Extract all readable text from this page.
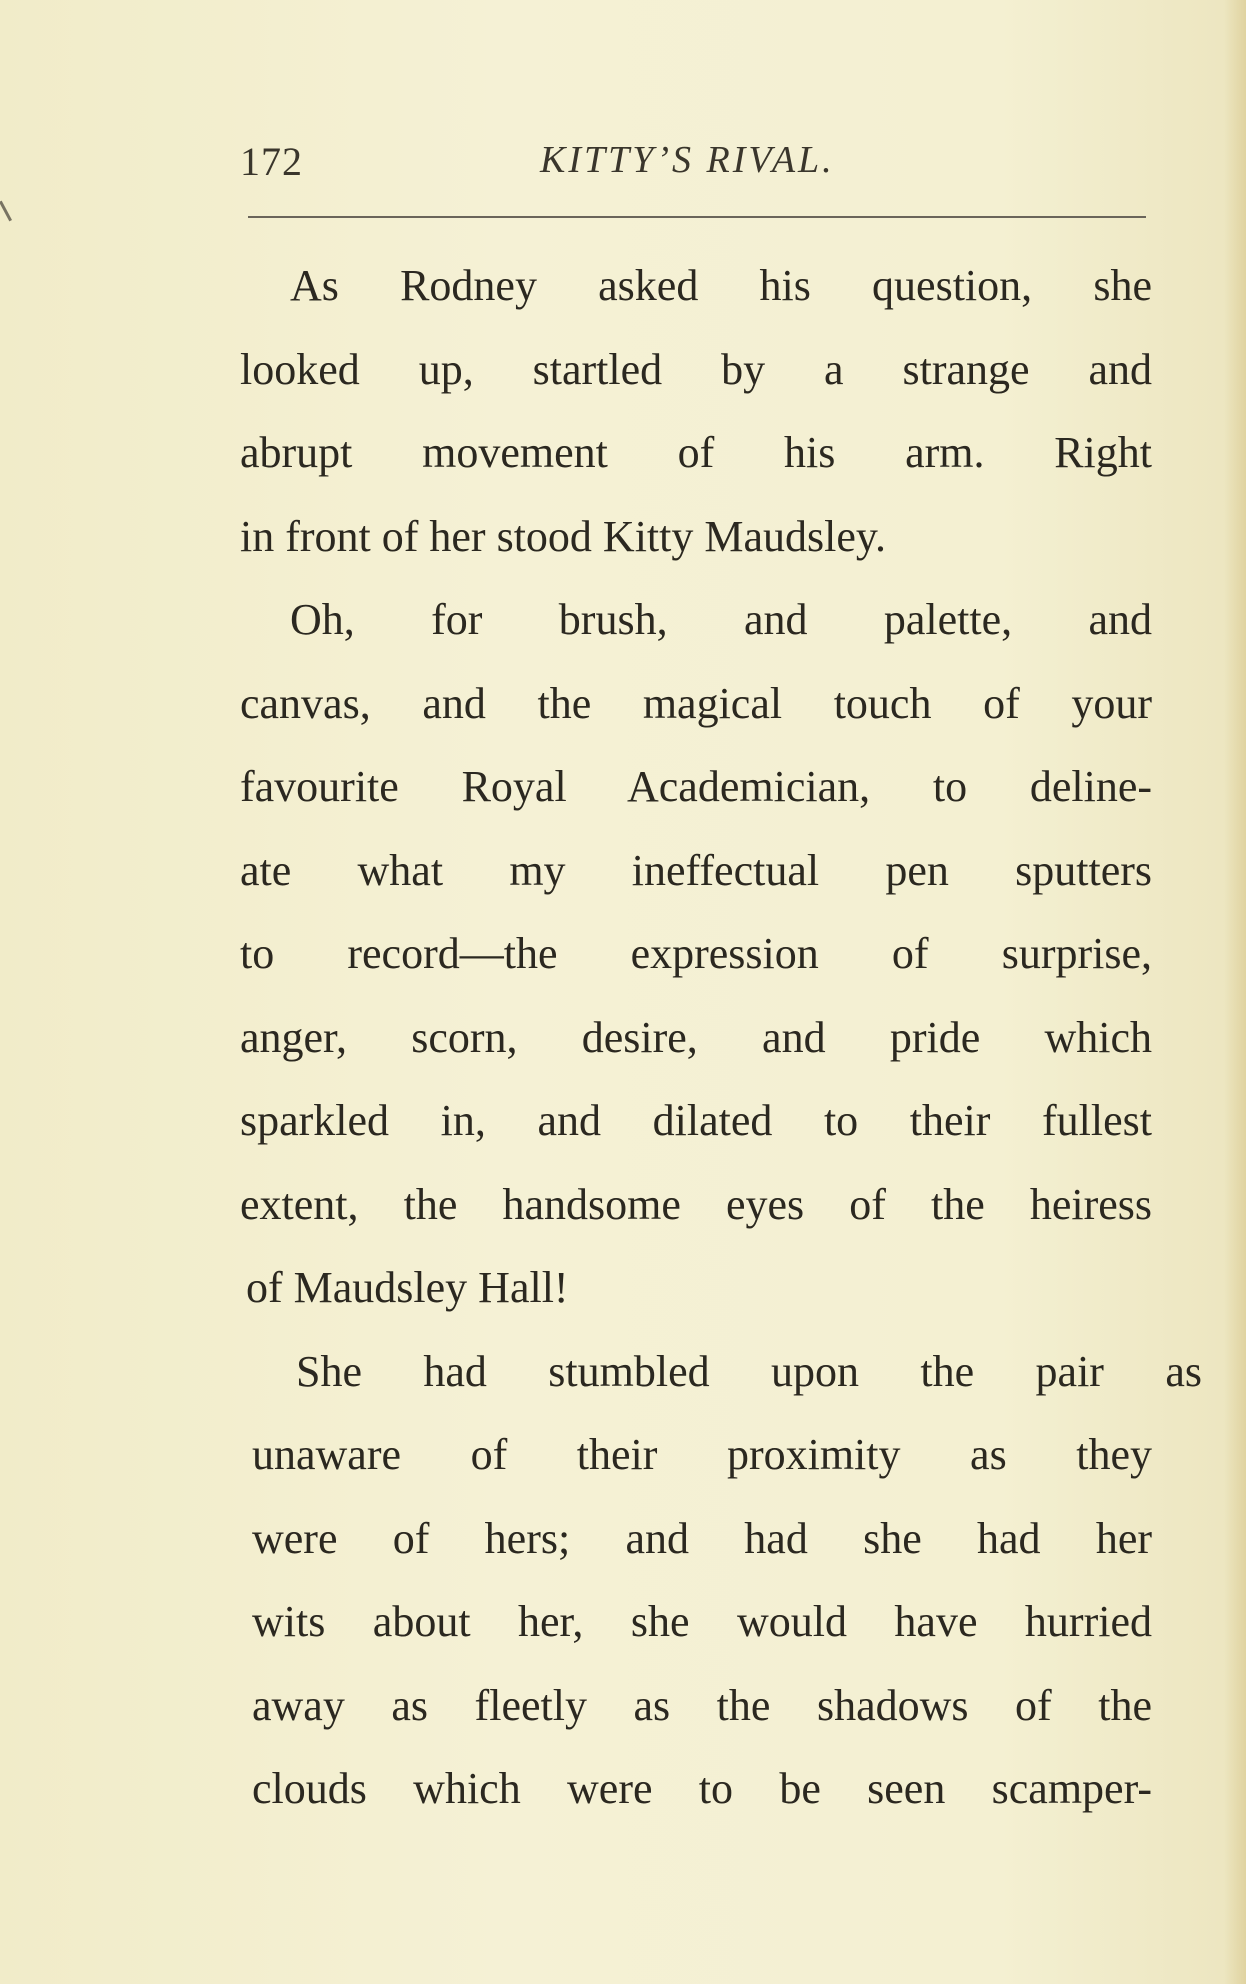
172	KITTY’S RIVAL.
As Rodney asked his question, she
looked up, startled by a strange and
abrupt movement of his arm. Right
in front of her stood Kitty Maudsley.
Oh, for brush, and palette, and
canvas, and the magical touch of your
favourite Royal Academician, to deline-
ate what my ineffectual pen sputters
to record—the expression of surprise,
anger, scorn, desire, and pride which
sparkled in, and dilated to their fullest
extent, the handsome eyes of the heiress
of Maudsley Hall!
She had stumbled upon the pair as
unaware of their proximity as they
were of hers; and had she had her
wits about her, she would have hurried
away as fleetly as the shadows of the
clouds which were to be seen scamper-
